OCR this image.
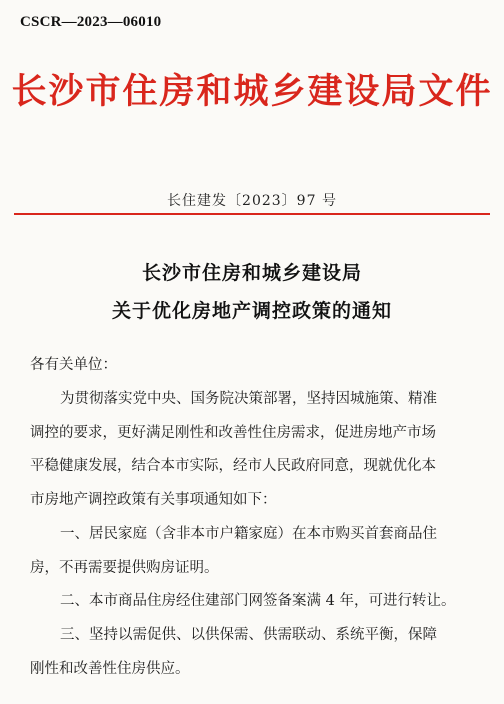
CSCR—2023—06010
长沙市住房和城乡建设局文件
长住建发〔2023〕97 号
长沙市住房和城乡建设局
关于优化房地产调控政策的通知
各有关单位：
为贯彻落实党中央、国务院决策部署，坚持因城施策、精准
调控的要求，更好满足刚性和改善性住房需求，促进房地产市场
平稳健康发展，结合本市实际，经市人民政府同意，现就优化本
市房地产调控政策有关事项通知如下：
一、居民家庭（含非本市户籍家庭）在本市购买首套商品住
房，不再需要提供购房证明。
二、本市商品住房经住建部门网签备案满 4 年，可进行转让。
三、坚持以需促供、以供保需、供需联动、系统平衡，保障
刚性和改善性住房供应。
